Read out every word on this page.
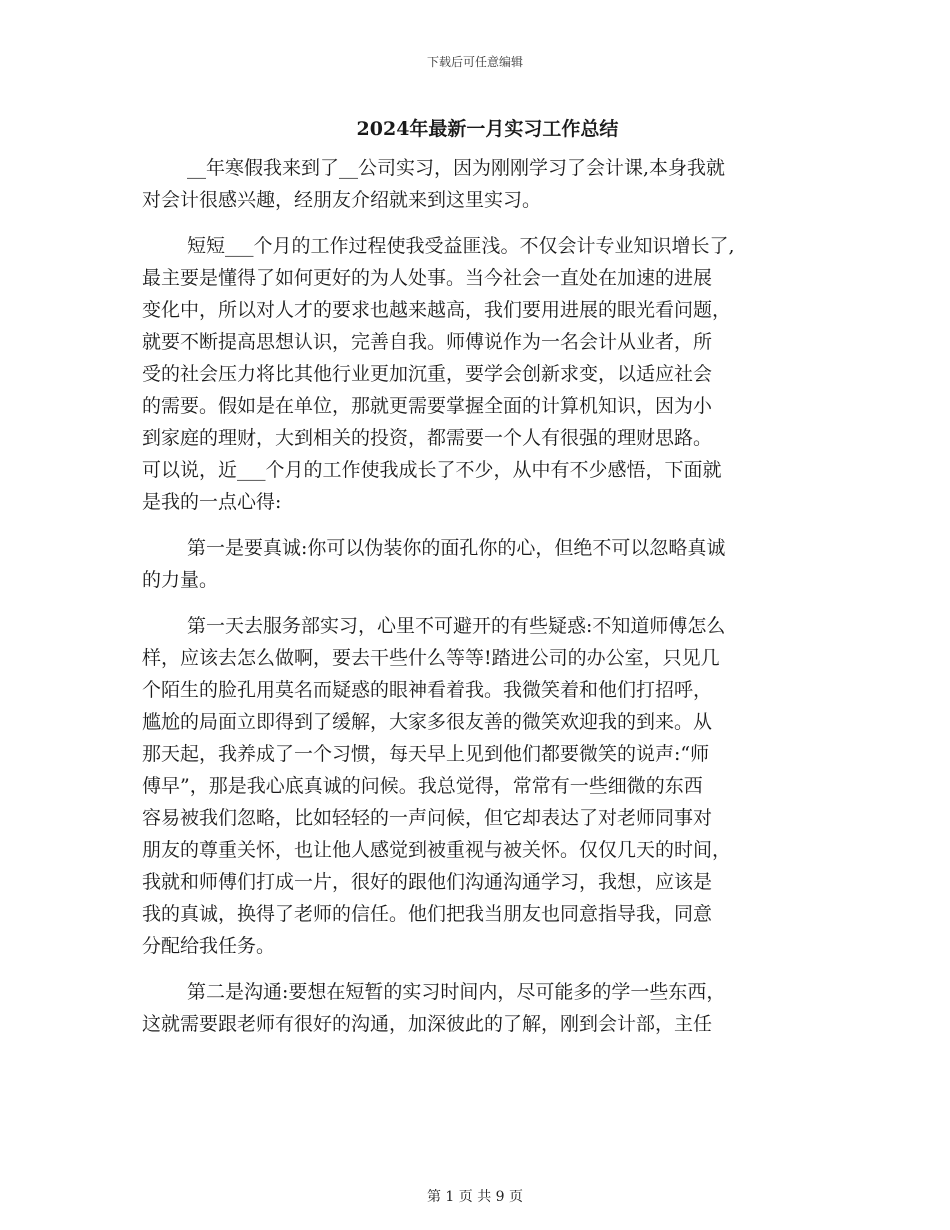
下载后可任意编辑
2024年最新一月实习工作总结
__年寒假我来到了__公司实习，因为刚刚学习了会计课,本身我就
对会计很感兴趣，经朋友介绍就来到这里实习。
短短___个月的工作过程使我受益匪浅。不仅会计专业知识增长了,
最主要是懂得了如何更好的为人处事。当今社会一直处在加速的进展
变化中，所以对人才的要求也越来越高，我们要用进展的眼光看问题，
就要不断提高思想认识，完善自我。师傅说作为一名会计从业者，所
受的社会压力将比其他行业更加沉重，要学会创新求变，以适应社会
的需要。假如是在单位，那就更需要掌握全面的计算机知识，因为小
到家庭的理财，大到相关的投资，都需要一个人有很强的理财思路。
可以说，近___个月的工作使我成长了不少，从中有不少感悟，下面就
是我的一点心得:
第一是要真诚:你可以伪装你的面孔你的心，但绝不可以忽略真诚
的力量。
第一天去服务部实习，心里不可避开的有些疑惑:不知道师傅怎么
样，应该去怎么做啊，要去干些什么等等!踏进公司的办公室，只见几
个陌生的脸孔用莫名而疑惑的眼神看着我。我微笑着和他们打招呼，
尴尬的局面立即得到了缓解，大家多很友善的微笑欢迎我的到来。从
那天起，我养成了一个习惯，每天早上见到他们都要微笑的说声:“师
傅早”，那是我心底真诚的问候。我总觉得，常常有一些细微的东西
容易被我们忽略，比如轻轻的一声问候，但它却表达了对老师同事对
朋友的尊重关怀，也让他人感觉到被重视与被关怀。仅仅几天的时间，
我就和师傅们打成一片，很好的跟他们沟通沟通学习，我想，应该是
我的真诚，换得了老师的信任。他们把我当朋友也同意指导我，同意
分配给我任务。
第二是沟通:要想在短暂的实习时间内，尽可能多的学一些东西，
这就需要跟老师有很好的沟通，加深彼此的了解，刚到会计部，主任
第 1 页 共 9 页
